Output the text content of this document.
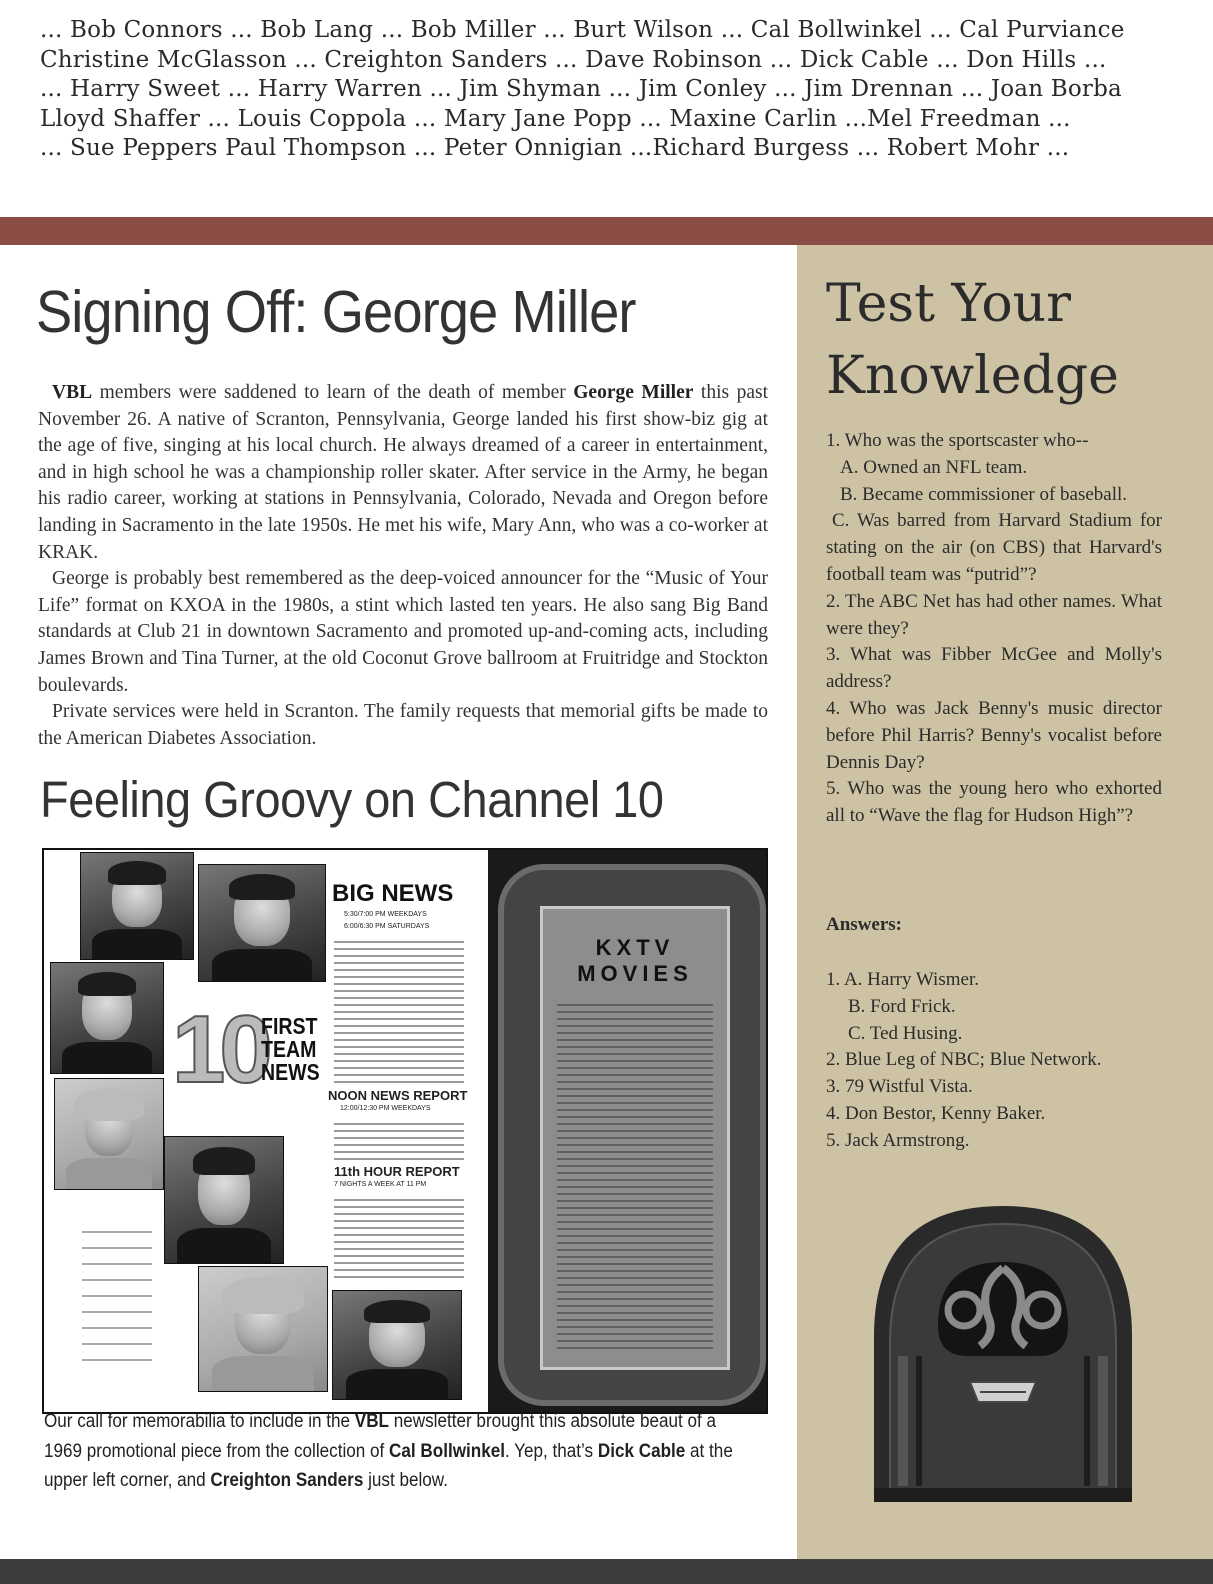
... Bob Connors ... Bob Lang ... Bob Miller ... Burt Wilson ... Cal Bollwinkel ... Cal Purviance
Christine McGlasson ... Creighton Sanders ... Dave Robinson ... Dick Cable ... Don Hills ...
... Harry Sweet ... Harry Warren ... Jim Shyman ... Jim Conley ... Jim Drennan ... Joan Borba
Lloyd Shaffer ... Louis Coppola ... Mary Jane Popp ... Maxine Carlin ...Mel Freedman ...
... Sue Peppers Paul Thompson ... Peter Onnigian ...Richard Burgess ... Robert Mohr ...
Signing Off: George Miller

VBL members were saddened to learn of the death of member George Miller this past November 26. A native of Scranton, Pennsylvania, George landed his first show-biz gig at the age of five, singing at his local church. He always dreamed of a career in entertainment, and in high school he was a championship roller skater. After service in the Army, he began his radio career, working at stations in Pennsylvania, Colorado, Nevada and Oregon before landing in Sacramento in the late 1950s. He met his wife, Mary Ann, who was a co-worker at KRAK.

George is probably best remembered as the deep-voiced announcer for the “Music of Your Life” format on KXOA in the 1980s, a stint which lasted ten years. He also sang Big Band standards at Club 21 in downtown Sacramento and promoted up-and-coming acts, including James Brown and Tina Turner, at the old Coconut Grove ballroom at Fruitridge and Stockton boulevards.

Private services were held in Scranton. The family requests that memorial gifts be made to the American Diabetes Association.

Feeling Groovy on Channel 10
BIG NEWS
5:30/7:00 PM WEEKDAYS
6:00/6:30 PM SATURDAYS
10
FIRST
TEAM
NEWS
NOON NEWS REPORT
12:00/12:30 PM WEEKDAYS
11th HOUR REPORT
7 NIGHTS A WEEK AT 11 PM
KXTV
MOVIES
Our call for memorabilia to include in the VBL newsletter brought this absolute beaut of a
1969 promotional piece from the collection of Cal Bollwinkel. Yep, that’s Dick Cable at the
upper left corner, and Creighton Sanders just below.
Test Your
Knowledge
1. Who was the sportscaster who--
A. Owned an NFL team.
B. Became commissioner of baseball.
C. Was barred from Harvard Stadium for stating on the air (on CBS) that Harvard's football team was “putrid”?
2. The ABC Net has had other names. What were they?
3. What was Fibber McGee and Molly's address?
4. Who was Jack Benny's music director before Phil Harris? Benny's vocalist before Dennis Day?
5. Who was the young hero who exhorted all to “Wave the flag for Hudson High”?
Answers:
1. A. Harry Wismer.
B. Ford Frick.
C. Ted Husing.
2. Blue Leg of NBC; Blue Network.
3. 79 Wistful Vista.
4. Don Bestor, Kenny Baker.
5. Jack Armstrong.
